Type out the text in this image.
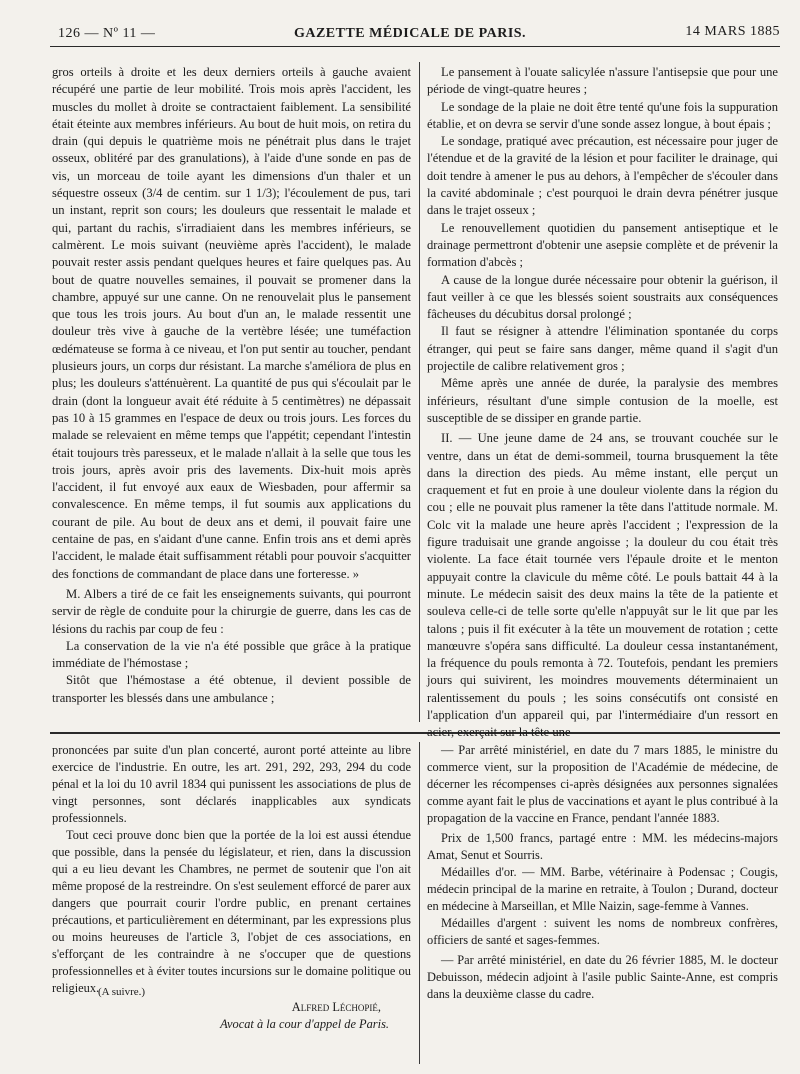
126 — Nº 11 —	GAZETTE MÉDICALE DE PARIS.	14 MARS 1885

gros orteils à droite et les deux derniers orteils à gauche avaient récupéré une partie de leur mobilité. Trois mois après l'accident, les muscles du mollet à droite se contractaient faiblement. La sensibilité était éteinte aux membres inférieurs. Au bout de huit mois, on retira du drain (qui depuis le quatrième mois ne pénétrait plus dans le trajet osseux, oblitéré par des granulations), à l'aide d'une sonde en pas de vis, un morceau de toile ayant les dimensions d'un thaler et un séquestre osseux (3/4 de centim. sur 1 1/3); l'écoulement de pus, tari un instant, reprit son cours; les douleurs que ressentait le malade et qui, partant du rachis, s'irradiaient dans les membres inférieurs, se calmèrent. Le mois suivant (neuvième après l'accident), le malade pouvait rester assis pendant quelques heures et faire quelques pas. Au bout de quatre nouvelles semaines, il pouvait se promener dans la chambre, appuyé sur une canne. On ne renouvelait plus le pansement que tous les trois jours. Au bout d'un an, le malade ressentit une douleur très vive à gauche de la vertèbre lésée; une tuméfaction œdémateuse se forma à ce niveau, et l'on put sentir au toucher, pendant plusieurs jours, un corps dur résistant. La marche s'améliora de plus en plus; les douleurs s'atténuèrent. La quantité de pus qui s'écoulait par le drain (dont la longueur avait été réduite à 5 centimètres) ne dépassait pas 10 à 15 grammes en l'espace de deux ou trois jours. Les forces du malade se relevaient en même temps que l'appétit; cependant l'intestin était toujours très paresseux, et le malade n'allait à la selle que tous les trois jours, après avoir pris des lavements. Dix-huit mois après l'accident, il fut envoyé aux eaux de Wiesbaden, pour affermir sa convalescence. En même temps, il fut soumis aux applications du courant de pile. Au bout de deux ans et demi, il pouvait faire une centaine de pas, en s'aidant d'une canne. Enfin trois ans et demi après l'accident, le malade était suffisamment rétabli pour pouvoir s'acquitter des fonctions de commandant de place dans une forteresse. »

M. Albers a tiré de ce fait les enseignements suivants, qui pourront servir de règle de conduite pour la chirurgie de guerre, dans les cas de lésions du rachis par coup de feu :

La conservation de la vie n'a été possible que grâce à la pratique immédiate de l'hémostase ;

Sitôt que l'hémostase a été obtenue, il devient possible de transporter les blessés dans une ambulance ;

Le pansement à l'ouate salicylée n'assure l'antisepsie que pour une période de vingt-quatre heures ;

Le sondage de la plaie ne doit être tenté qu'une fois la suppuration établie, et on devra se servir d'une sonde assez longue, à bout épais ;

Le sondage, pratiqué avec précaution, est nécessaire pour juger de l'étendue et de la gravité de la lésion et pour faciliter le drainage, qui doit tendre à amener le pus au dehors, à l'empêcher de s'écouler dans la cavité abdominale ; c'est pourquoi le drain devra pénétrer jusque dans le trajet osseux ;

Le renouvellement quotidien du pansement antiseptique et le drainage permettront d'obtenir une asepsie complète et de prévenir la formation d'abcès ;

A cause de la longue durée nécessaire pour obtenir la guérison, il faut veiller à ce que les blessés soient soustraits aux conséquences fâcheuses du décubitus dorsal prolongé ;

Il faut se résigner à attendre l'élimination spontanée du corps étranger, qui peut se faire sans danger, même quand il s'agit d'un projectile de calibre relativement gros ;

Même après une année de durée, la paralysie des membres inférieurs, résultant d'une simple contusion de la moelle, est susceptible de se dissiper en grande partie.

II. — Une jeune dame de 24 ans, se trouvant couchée sur le ventre, dans un état de demi-sommeil, tourna brusquement la tête dans la direction des pieds. Au même instant, elle perçut un craquement et fut en proie à une douleur violente dans la région du cou ; elle ne pouvait plus ramener la tête dans l'attitude normale. M. Colc vit la malade une heure après l'accident ; l'expression de la figure traduisait une grande angoisse ; la douleur du cou était très violente. La face était tournée vers l'épaule droite et le menton appuyait contre la clavicule du même côté. Le pouls battait 44 à la minute. Le médecin saisit des deux mains la tête de la patiente et souleva celle-ci de telle sorte qu'elle n'appuyât sur le lit que par les talons ; puis il fit exécuter à la tête un mouvement de rotation ; cette manœuvre s'opéra sans difficulté. La douleur cessa instantanément, la fréquence du pouls remonta à 72. Toutefois, pendant les premiers jours qui suivirent, les moindres mouvements déterminaient un ralentissement du pouls ; les soins consécutifs ont consisté en l'application d'un appareil qui, par l'intermédiaire d'un ressort en acier, exerçait sur la tête une

prononcées par suite d'un plan concerté, auront porté atteinte au libre exercice de l'industrie. En outre, les art. 291, 292, 293, 294 du code pénal et la loi du 10 avril 1834 qui punissent les associations de plus de vingt personnes, sont déclarés inapplicables aux syndicats professionnels.

Tout ceci prouve donc bien que la portée de la loi est aussi étendue que possible, dans la pensée du législateur, et rien, dans la discussion qui a eu lieu devant les Chambres, ne permet de soutenir que l'on ait même proposé de la restreindre. On s'est seulement efforcé de parer aux dangers que pourrait courir l'ordre public, en prenant certaines précautions, et particulièrement en déterminant, par les expressions plus ou moins heureuses de l'article 3, l'objet de ces associations, en s'efforçant de les contraindre à ne s'occuper que de questions professionnelles et à éviter toutes incursions sur le domaine politique ou religieux.

Alfred Léchopié,
Avocat à la cour d'appel de Paris.
(A suivre.)

— Par arrêté ministériel, en date du 7 mars 1885, le ministre du commerce vient, sur la proposition de l'Académie de médecine, de décerner les récompenses ci-après désignées aux personnes signalées comme ayant fait le plus de vaccinations et ayant le plus contribué à la propagation de la vaccine en France, pendant l'année 1883.

Prix de 1,500 francs, partagé entre : MM. les médecins-majors Amat, Senut et Sourris.

Médailles d'or. — MM. Barbe, vétérinaire à Podensac ; Cougis, médecin principal de la marine en retraite, à Toulon ; Durand, docteur en médecine à Marseillan, et Mlle Naizin, sage-femme à Vannes.

Médailles d'argent : suivent les noms de nombreux confrères, officiers de santé et sages-femmes.

— Par arrêté ministériel, en date du 26 février 1885, M. le docteur Debuisson, médecin adjoint à l'asile public Sainte-Anne, est compris dans la deuxième classe du cadre.
